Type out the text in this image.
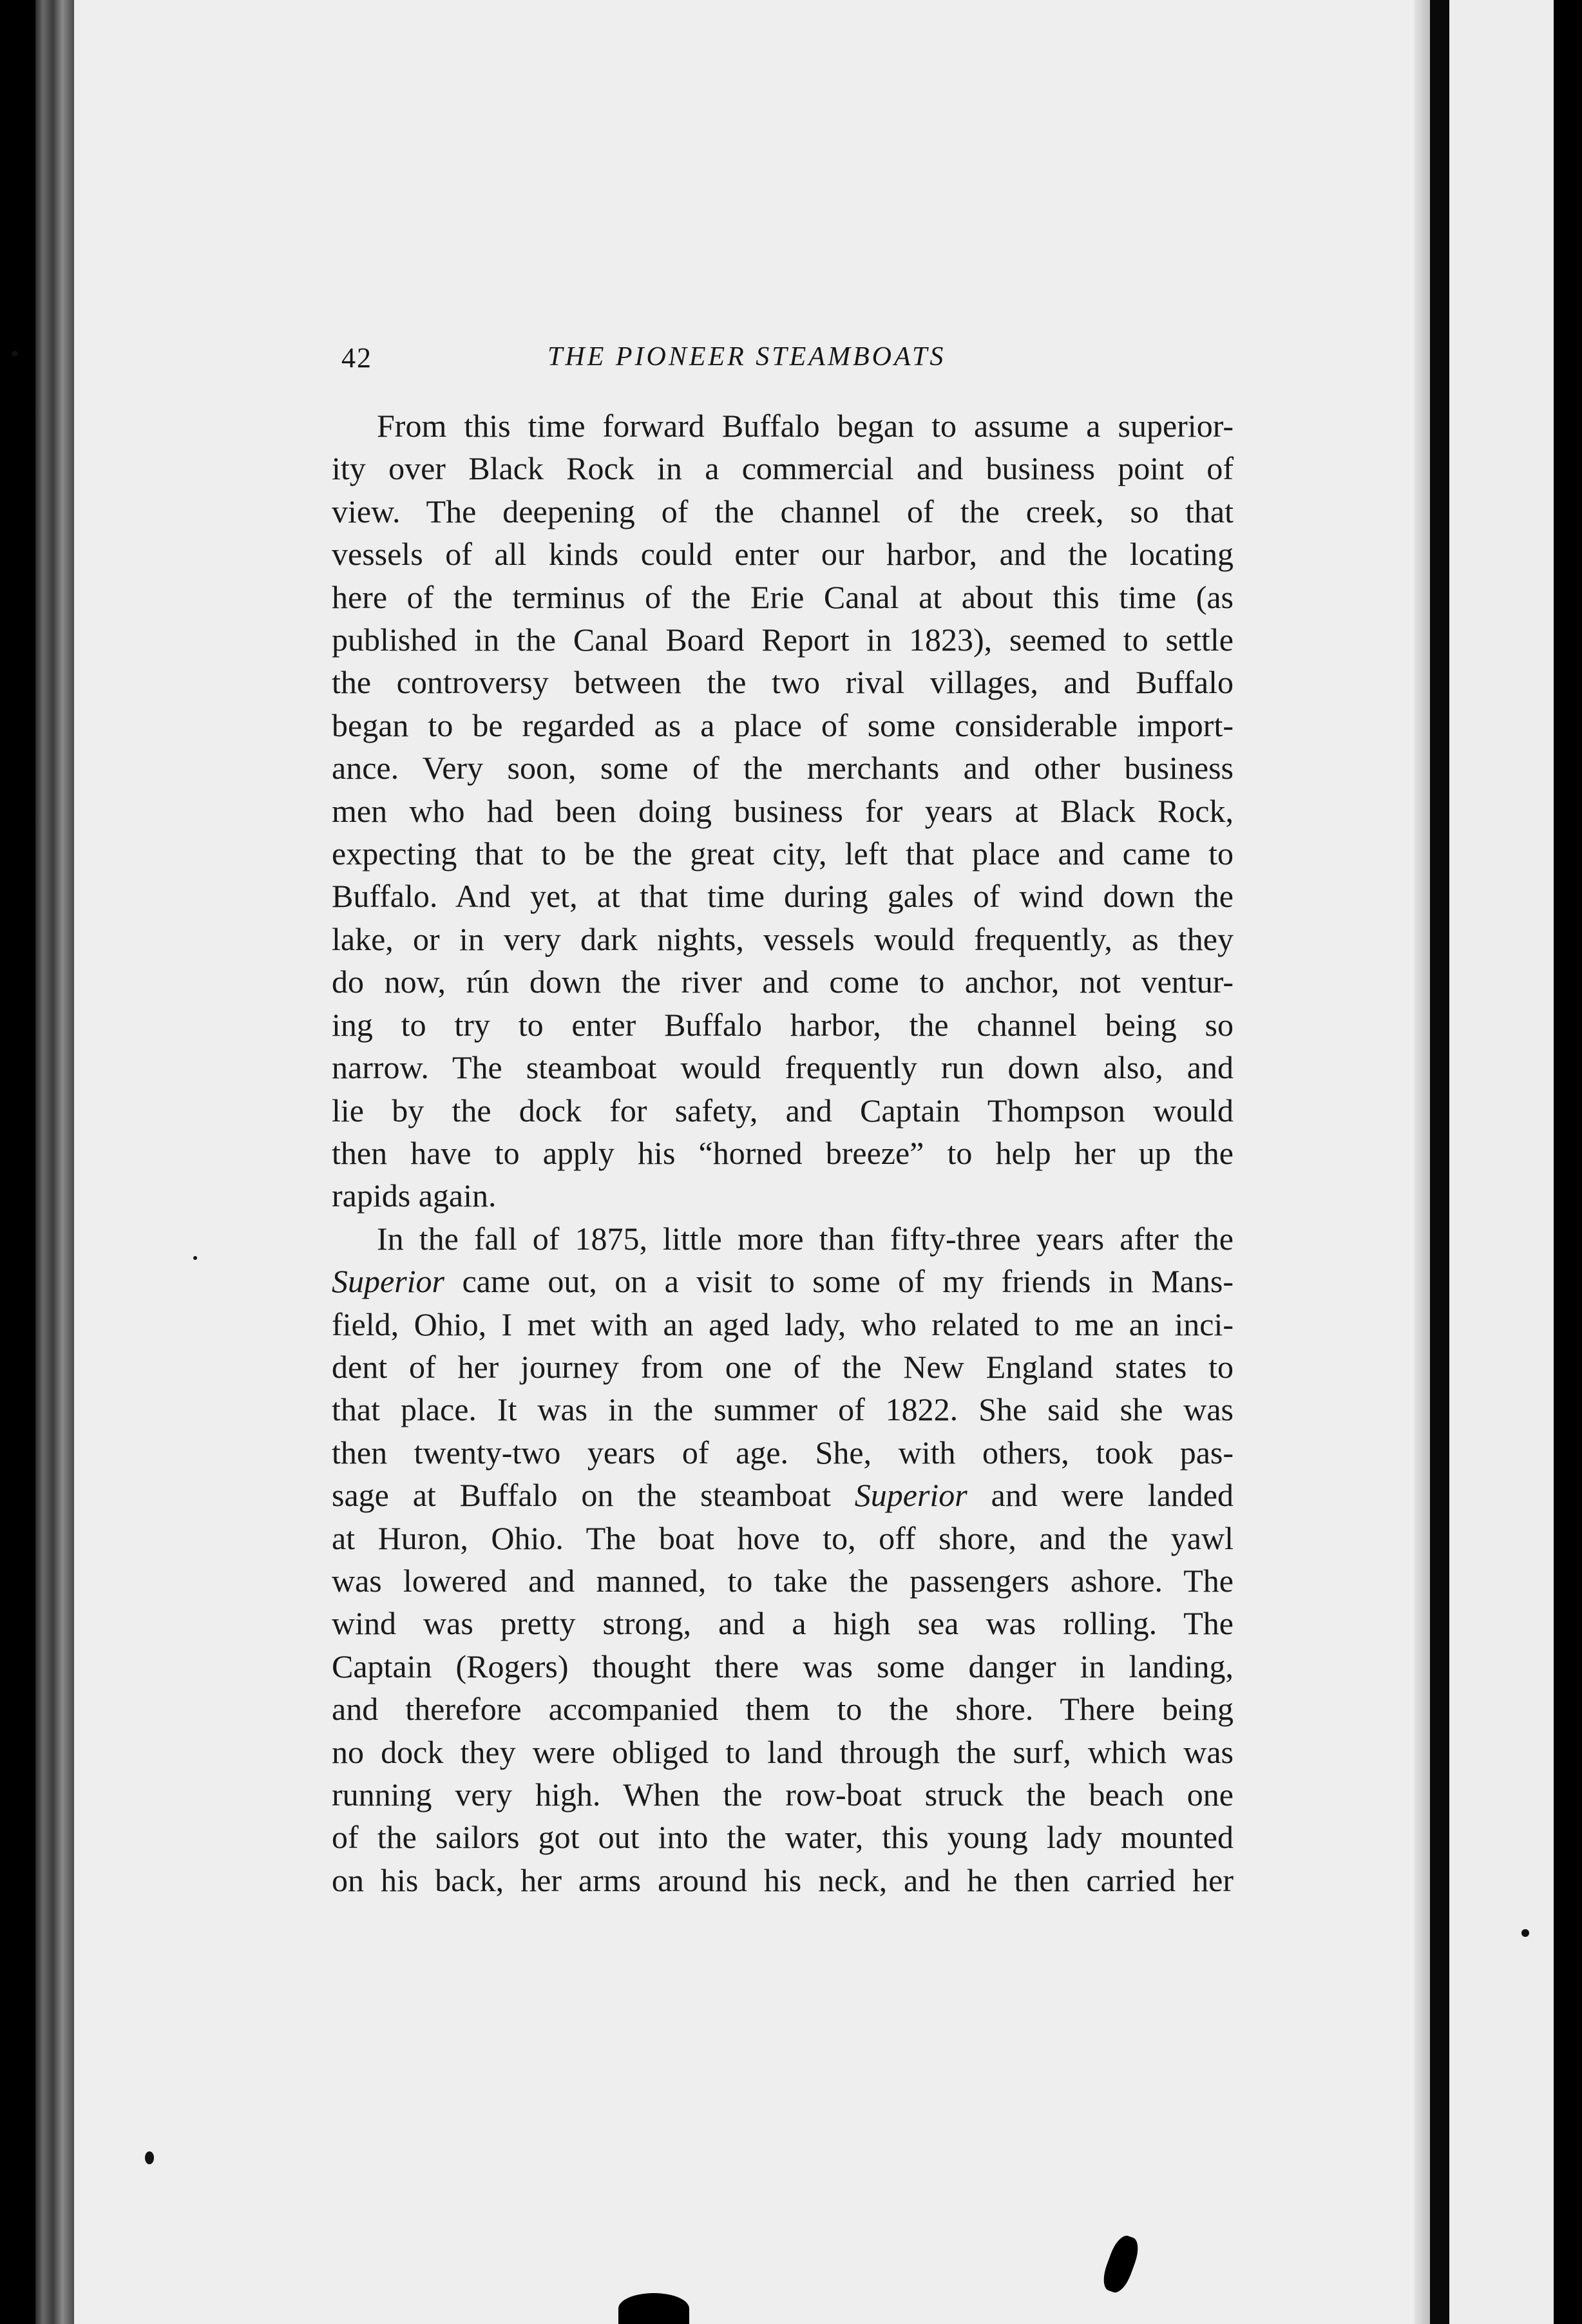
42	THE PIONEER STEAMBOATS
From this time forward Buffalo began to assume a superior-
ity over Black Rock in a commercial and business point of
view. The deepening of the channel of the creek, so that
vessels of all kinds could enter our harbor, and the locating
here of the terminus of the Erie Canal at about this time (as
published in the Canal Board Report in 1823), seemed to settle
the controversy between the two rival villages, and Buffalo
began to be regarded as a place of some considerable import-
ance. Very soon, some of the merchants and other business
men who had been doing business for years at Black Rock,
expecting that to be the great city, left that place and came to
Buffalo. And yet, at that time during gales of wind down the
lake, or in very dark nights, vessels would frequently, as they
do now, rún down the river and come to anchor, not ventur-
ing to try to enter Buffalo harbor, the channel being so
narrow. The steamboat would frequently run down also, and
lie by the dock for safety, and Captain Thompson would
then have to apply his “horned breeze” to help her up the
rapids again.
In the fall of 1875, little more than fifty-three years after the
Superior came out, on a visit to some of my friends in Mans-
field, Ohio, I met with an aged lady, who related to me an inci-
dent of her journey from one of the New England states to
that place. It was in the summer of 1822. She said she was
then twenty-two years of age. She, with others, took pas-
sage at Buffalo on the steamboat Superior and were landed
at Huron, Ohio. The boat hove to, off shore, and the yawl
was lowered and manned, to take the passengers ashore. The
wind was pretty strong, and a high sea was rolling. The
Captain (Rogers) thought there was some danger in landing,
and therefore accompanied them to the shore. There being
no dock they were obliged to land through the surf, which was
running very high. When the row-boat struck the beach one
of the sailors got out into the water, this young lady mounted
on his back, her arms around his neck, and he then carried her
